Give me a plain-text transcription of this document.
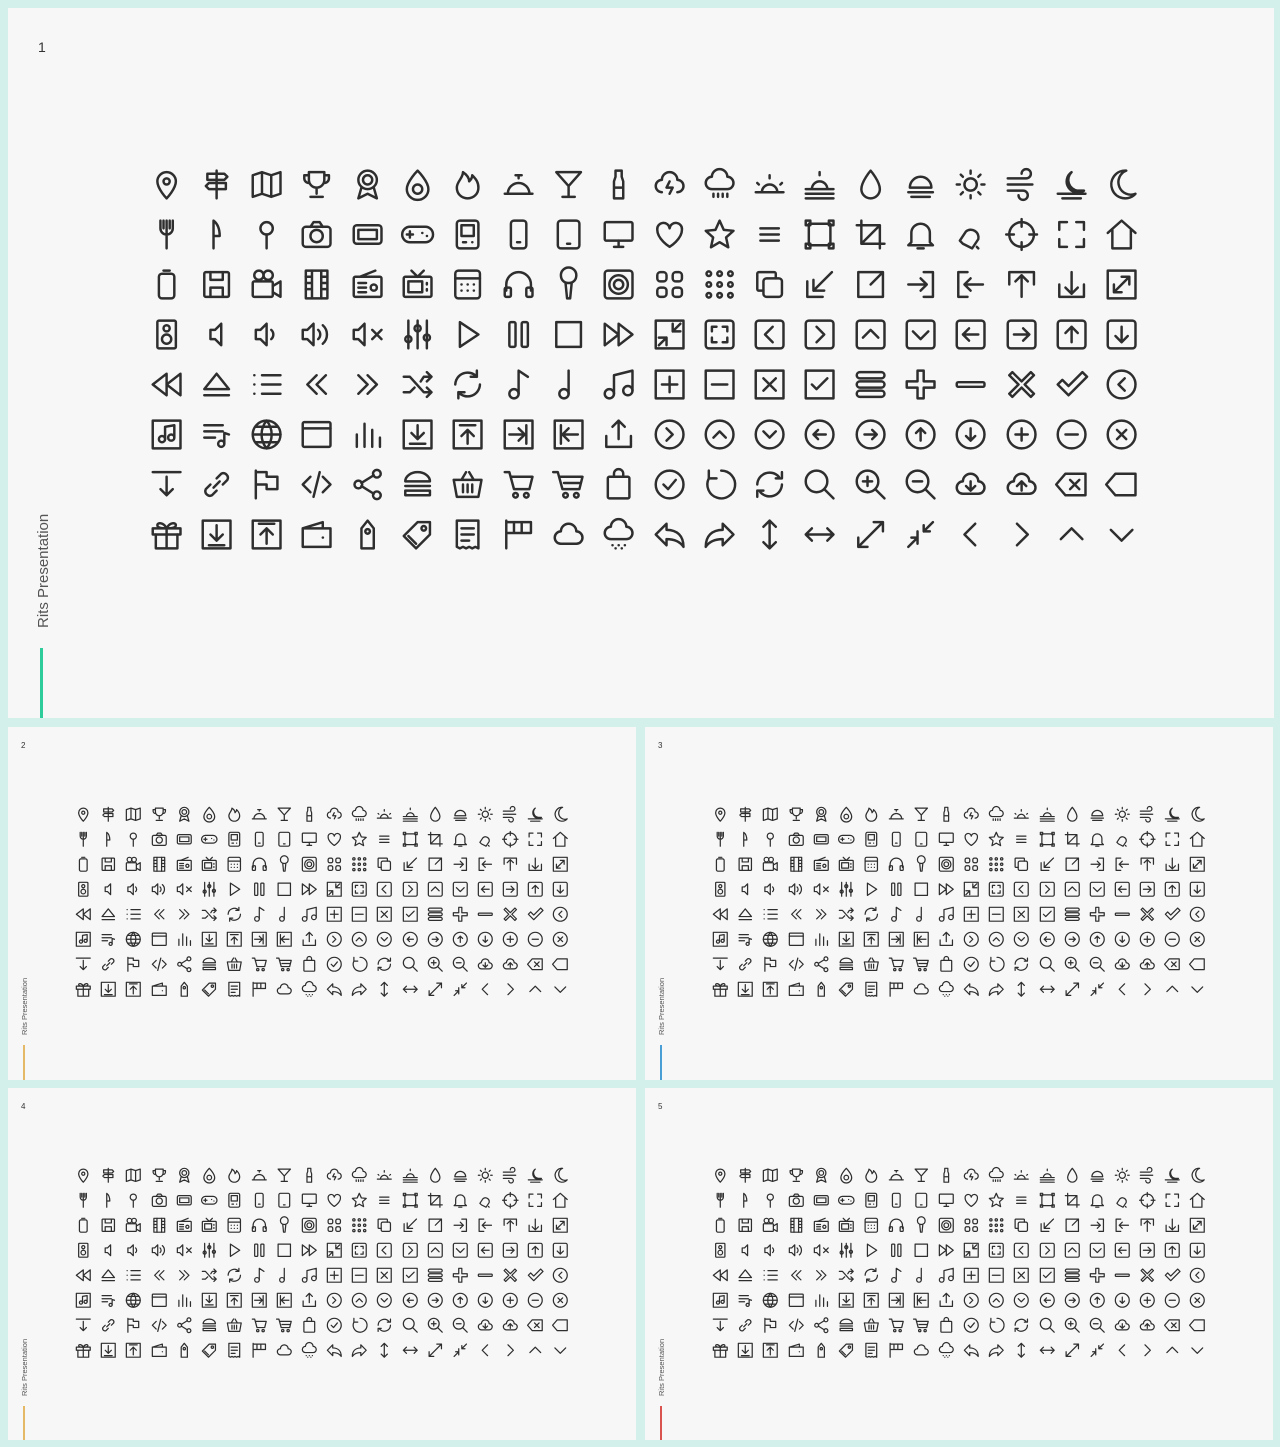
1
Rits Presentation
2
Rits Presentation
3
Rits Presentation
4
Rits Presentation
5
Rits Presentation
